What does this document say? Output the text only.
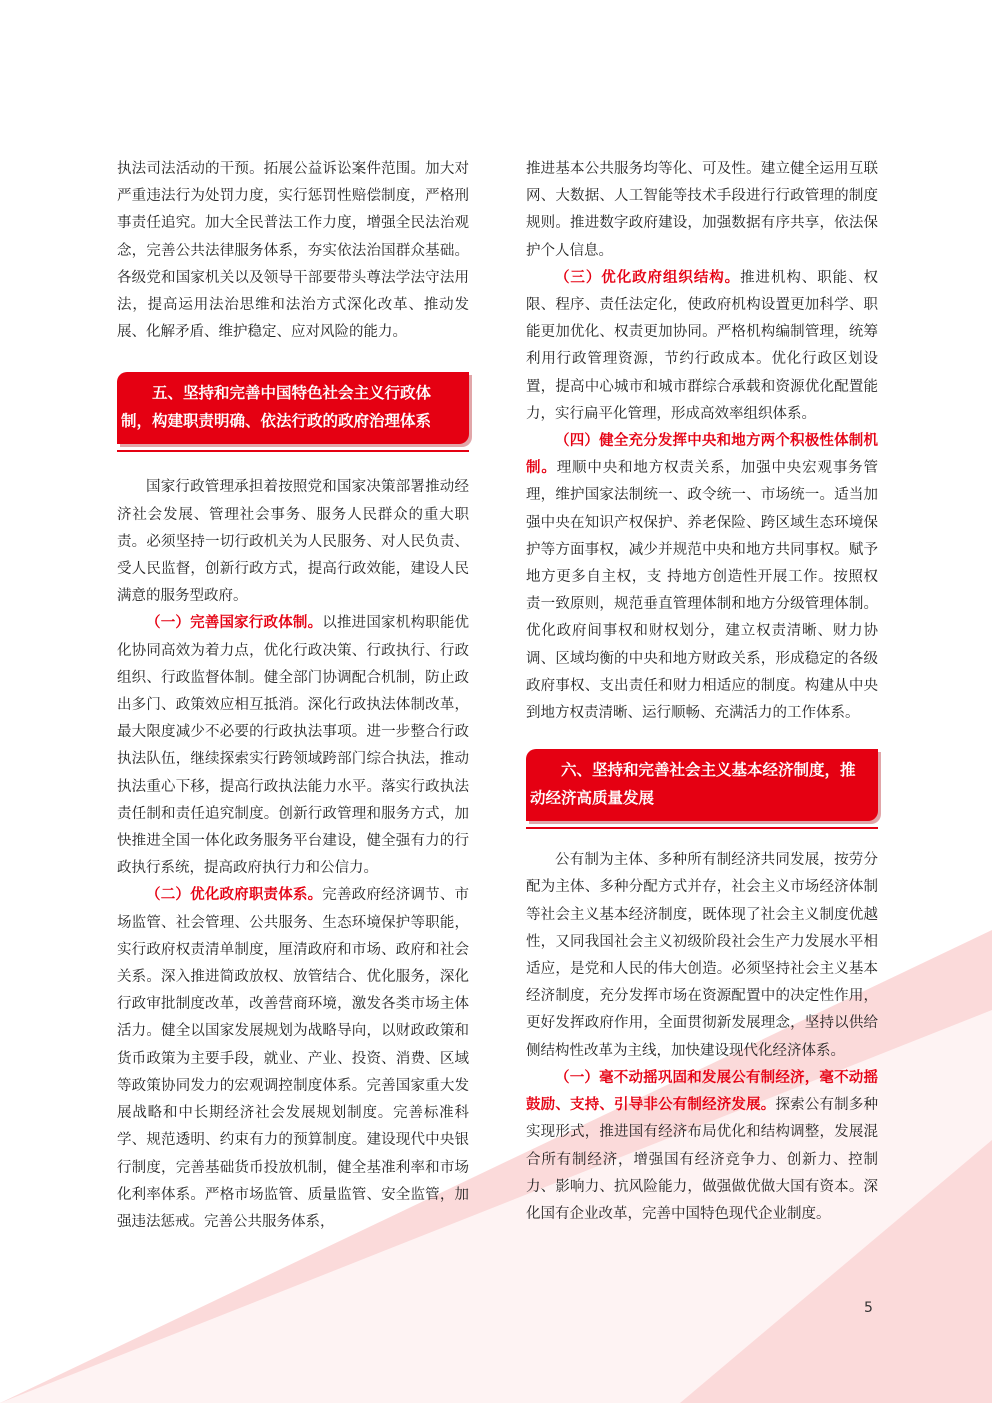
执法司法活动的干预。拓展公益诉讼案件范围。加大对严重违法行为处罚力度，实行惩罚性赔偿制度，严格刑事责任追究。加大全民普法工作力度，增强全民法治观念，完善公共法律服务体系，夯实依法治国群众基础。各级党和国家机关以及领导干部要带头尊法学法守法用法，提高运用法治思维和法治方式深化改革、推动发展、化解矛盾、维护稳定、应对风险的能力。

五、坚持和完善中国特色社会主义行政体
制，构建职责明确、依法行政的政府治理体系

国家行政管理承担着按照党和国家决策部署推动经济社会发展、管理社会事务、服务人民群众的重大职责。必须坚持一切行政机关为人民服务、对人民负责、受人民监督，创新行政方式，提高行政效能，建设人民满意的服务型政府。

（一）完善国家行政体制。以推进国家机构职能优化协同高效为着力点，优化行政决策、行政执行、行政组织、行政监督体制。健全部门协调配合机制，防止政出多门、政策效应相互抵消。深化行政执法体制改革，最大限度减少不必要的行政执法事项。进一步整合行政执法队伍，继续探索实行跨领域跨部门综合执法，推动执法重心下移，提高行政执法能力水平。落实行政执法责任制和责任追究制度。创新行政管理和服务方式，加快推进全国一体化政务服务平台建设，健全强有力的行政执行系统，提高政府执行力和公信力。

（二）优化政府职责体系。完善政府经济调节、市场监管、社会管理、公共服务、生态环境保护等职能，实行政府权责清单制度，厘清政府和市场、政府和社会关系。深入推进简政放权、放管结合、优化服务，深化行政审批制度改革，改善营商环境，激发各类市场主体活力。健全以国家发展规划为战略导向，以财政政策和货币政策为主要手段，就业、产业、投资、消费、区域等政策协同发力的宏观调控制度体系。完善国家重大发展战略和中长期经济社会发展规划制度。完善标准科学、规范透明、约束有力的预算制度。建设现代中央银行制度，完善基础货币投放机制，健全基准利率和市场化利率体系。严格市场监管、质量监管、安全监管，加强违法惩戒。完善公共服务体系，

推进基本公共服务均等化、可及性。建立健全运用互联网、大数据、人工智能等技术手段进行行政管理的制度规则。推进数字政府建设，加强数据有序共享，依法保护个人信息。

（三）优化政府组织结构。推进机构、职能、权限、程序、责任法定化，使政府机构设置更加科学、职能更加优化、权责更加协同。严格机构编制管理，统筹利用行政管理资源，节约行政成本。优化行政区划设置，提高中心城市和城市群综合承载和资源优化配置能力，实行扁平化管理，形成高效率组织体系。

（四）健全充分发挥中央和地方两个积极性体制机制。理顺中央和地方权责关系，加强中央宏观事务管理，维护国家法制统一、政令统一、市场统一。适当加强中央在知识产权保护、养老保险、跨区域生态环境保护等方面事权，减少并规范中央和地方共同事权。赋予地方更多自主权，支 持地方创造性开展工作。按照权责一致原则，规范垂直管理体制和地方分级管理体制。优化政府间事权和财权划分，建立权责清晰、财力协调、区域均衡的中央和地方财政关系，形成稳定的各级政府事权、支出责任和财力相适应的制度。构建从中央到地方权责清晰、运行顺畅、充满活力的工作体系。

六、坚持和完善社会主义基本经济制度，推
动经济高质量发展

公有制为主体、多种所有制经济共同发展，按劳分配为主体、多种分配方式并存，社会主义市场经济体制等社会主义基本经济制度，既体现了社会主义制度优越性，又同我国社会主义初级阶段社会生产力发展水平相适应，是党和人民的伟大创造。必须坚持社会主义基本经济制度，充分发挥市场在资源配置中的决定性作用，更好发挥政府作用，全面贯彻新发展理念，坚持以供给侧结构性改革为主线，加快建设现代化经济体系。

（一）毫不动摇巩固和发展公有制经济，毫不动摇鼓励、支持、引导非公有制经济发展。探索公有制多种实现形式，推进国有经济布局优化和结构调整，发展混合所有制经济，增强国有经济竞争力、创新力、控制力、影响力、抗风险能力，做强做优做大国有资本。深化国有企业改革，完善中国特色现代企业制度。

5
